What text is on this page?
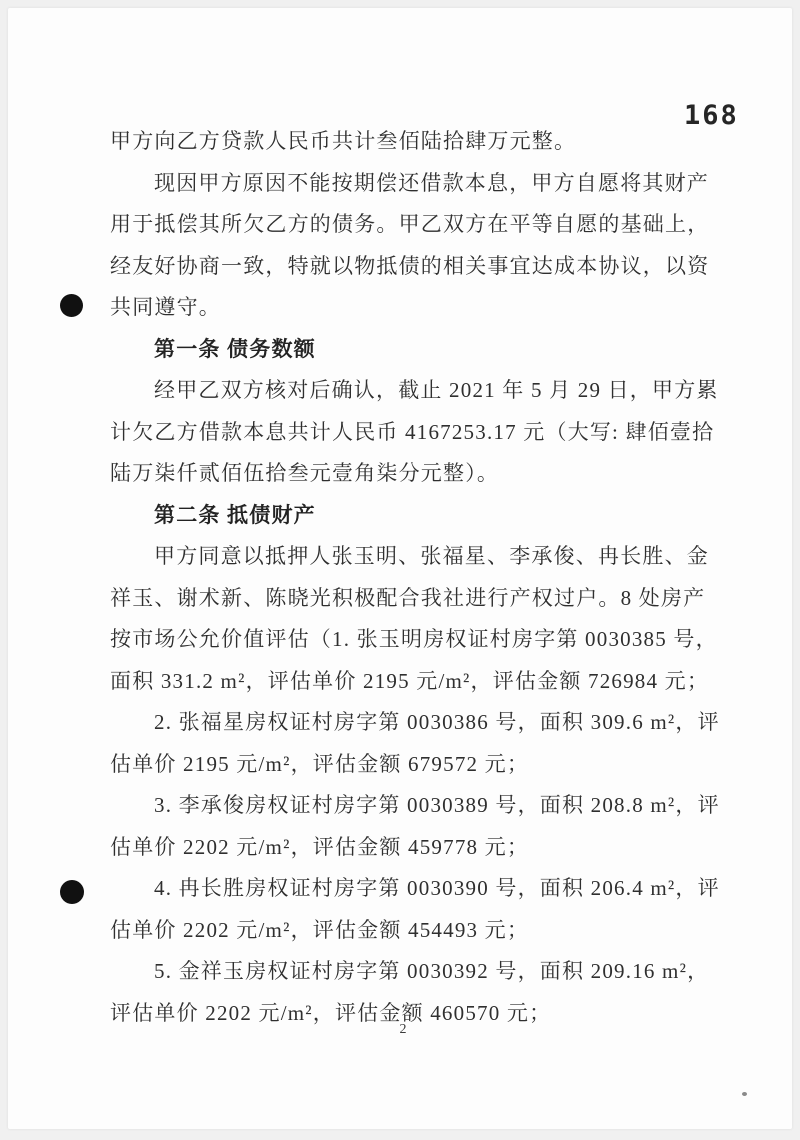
168
甲方向乙方贷款人民币共计叁佰陆拾肆万元整。
现因甲方原因不能按期偿还借款本息，甲方自愿将其财产
用于抵偿其所欠乙方的债务。甲乙双方在平等自愿的基础上，
经友好协商一致，特就以物抵债的相关事宜达成本协议，以资
共同遵守。
第一条 债务数额
经甲乙双方核对后确认，截止 2021 年 5 月 29 日，甲方累
计欠乙方借款本息共计人民币 4167253.17 元（大写: 肆佰壹拾
陆万柒仟贰佰伍拾叁元壹角柒分元整）。
第二条 抵债财产
甲方同意以抵押人张玉明、张福星、李承俊、冉长胜、金
祥玉、谢术新、陈晓光积极配合我社进行产权过户。8 处房产
按市场公允价值评估（1. 张玉明房权证村房字第 0030385 号，
面积 331.2 m²，评估单价 2195 元/m²，评估金额 726984 元；
2. 张福星房权证村房字第 0030386 号，面积 309.6 m²，评
估单价 2195 元/m²，评估金额 679572 元；
3. 李承俊房权证村房字第 0030389 号，面积 208.8 m²，评
估单价 2202 元/m²，评估金额 459778 元；
4. 冉长胜房权证村房字第 0030390 号，面积 206.4 m²，评
估单价 2202 元/m²，评估金额 454493 元；
5. 金祥玉房权证村房字第 0030392 号，面积 209.16 m²，
评估单价 2202 元/m²，评估金额 460570 元；
2
